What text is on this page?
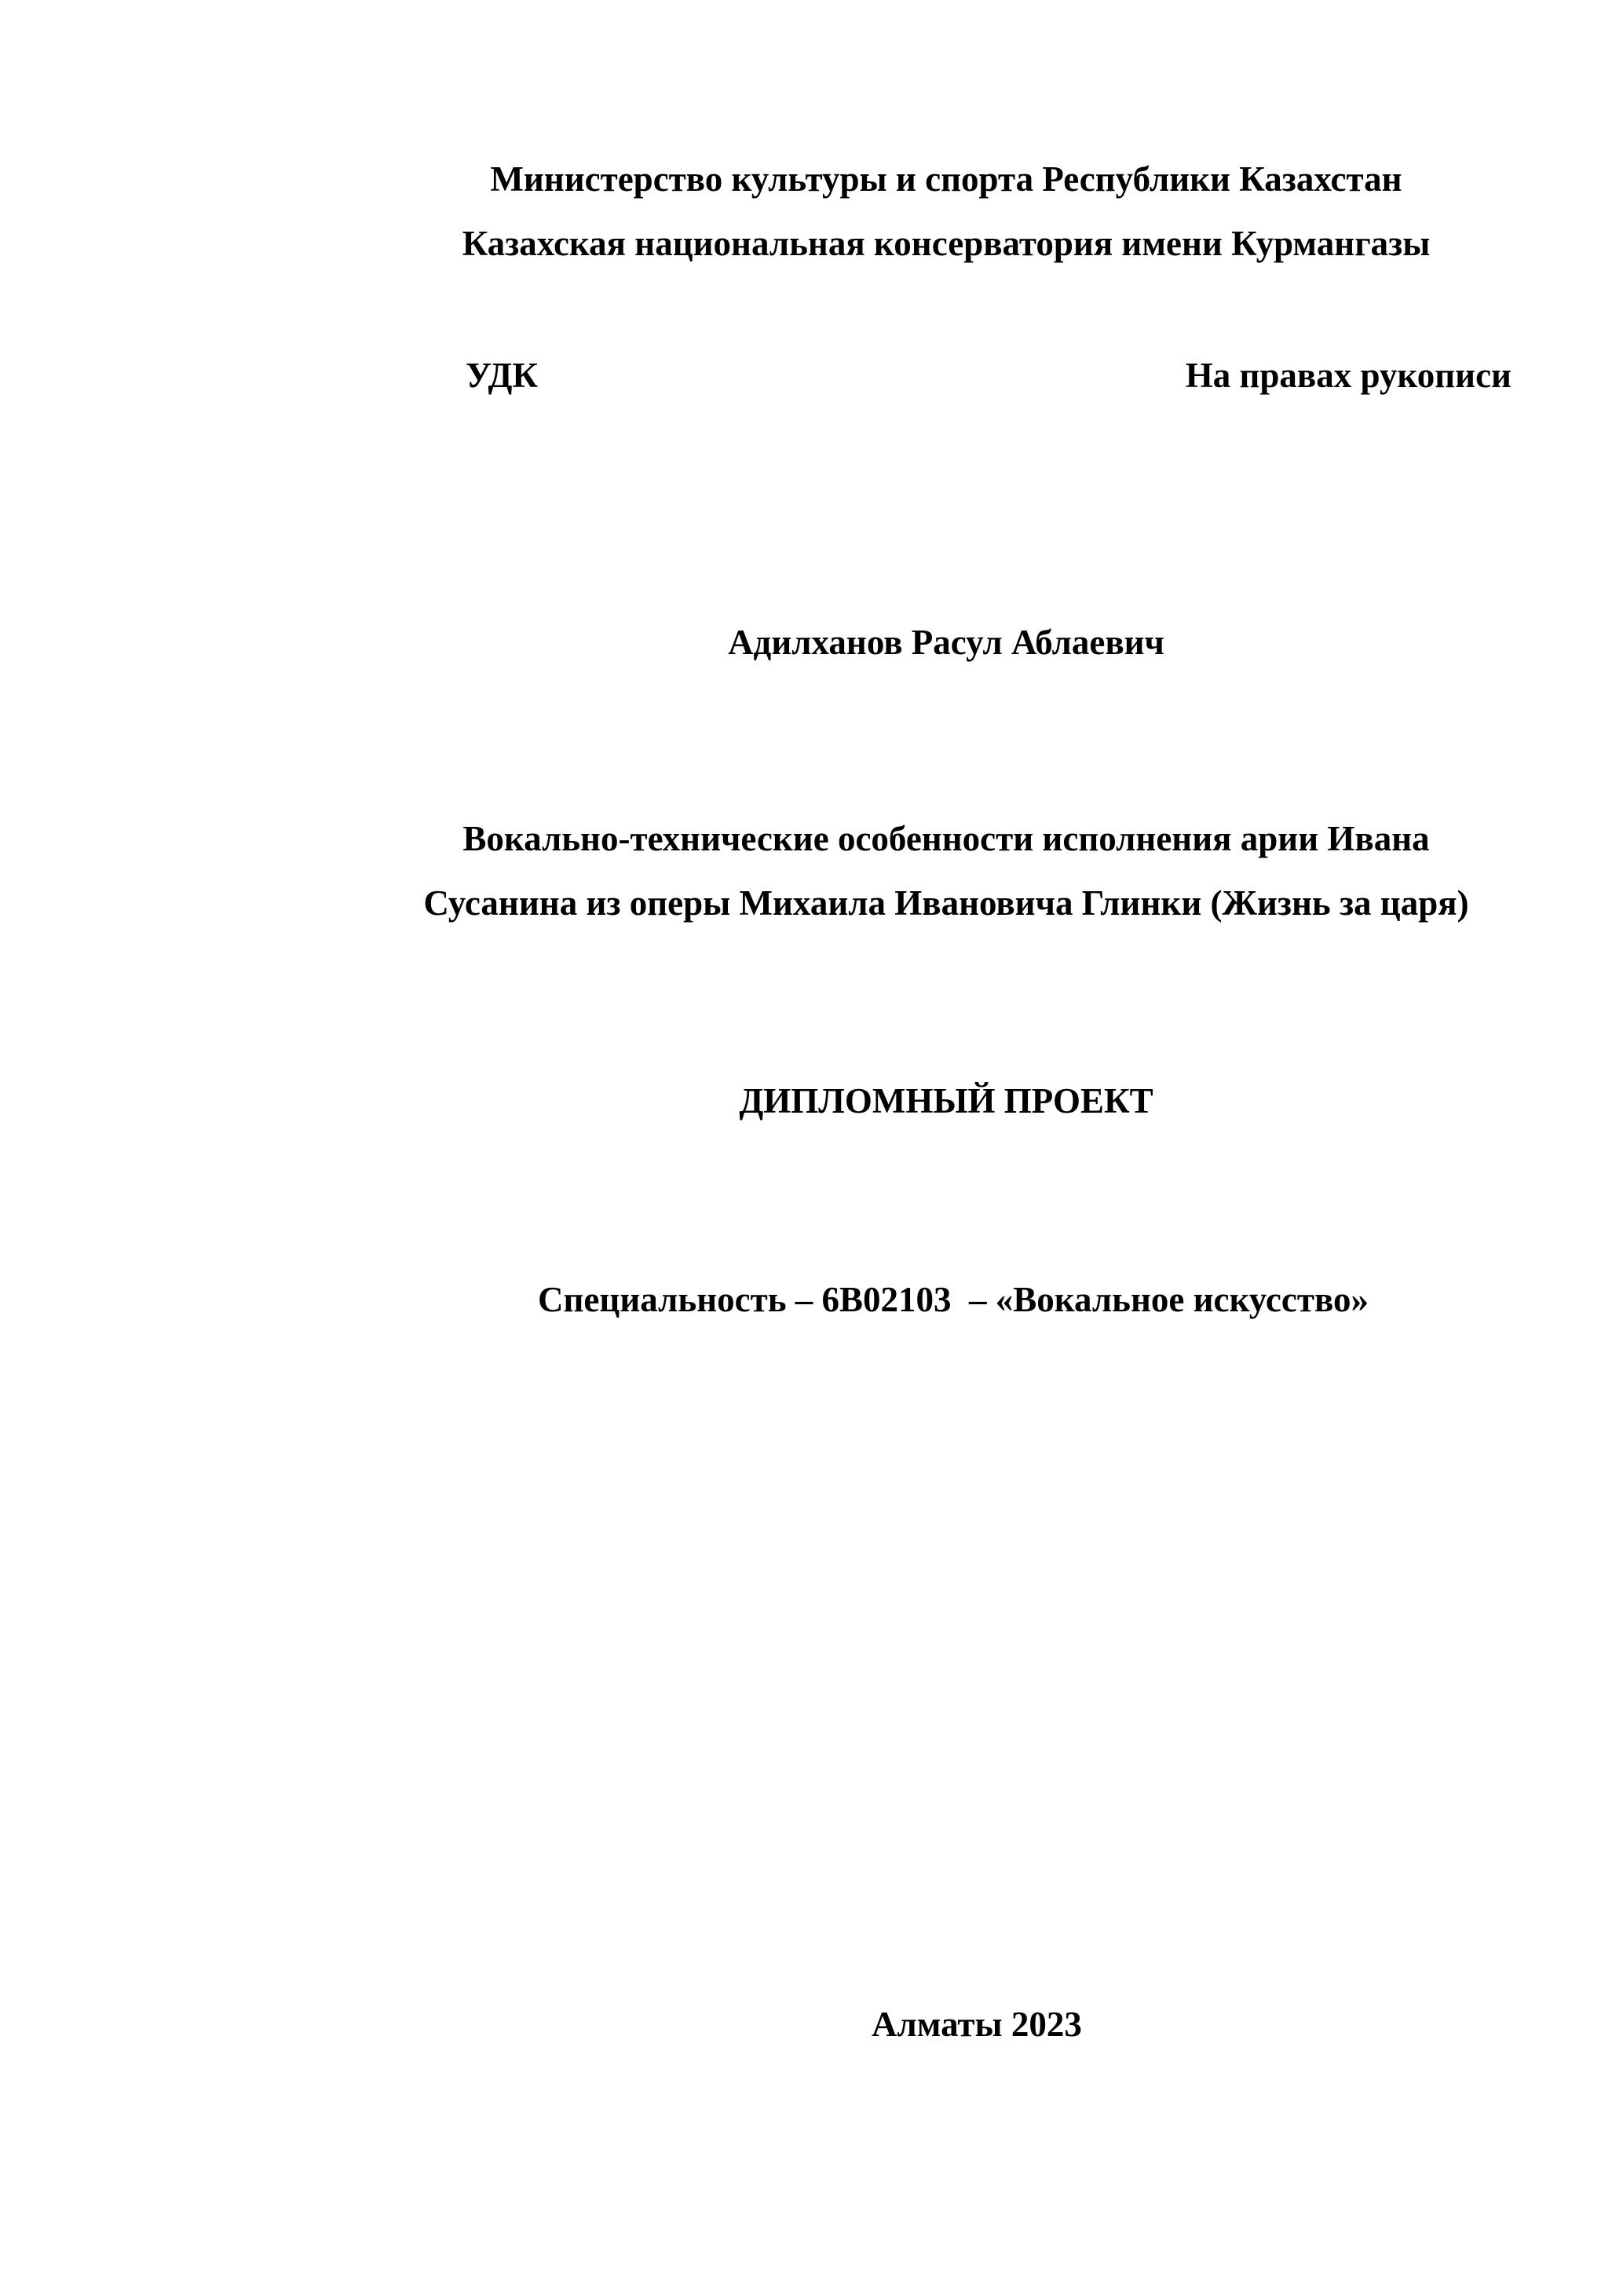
Министерство культуры и спорта Республики Казахстан
Казахская национальная консерватория имени Курмангазы
УДК	На правах рукописи
Адилханов Расул Аблаевич
Вокально-технические особенности исполнения арии Ивана
Сусанина из оперы Михаила Ивановича Глинки (Жизнь за царя)
ДИПЛОМНЫЙ ПРОЕКТ
Специальность – 6В02103  – «Вокальное искусство»
Алматы 2023
